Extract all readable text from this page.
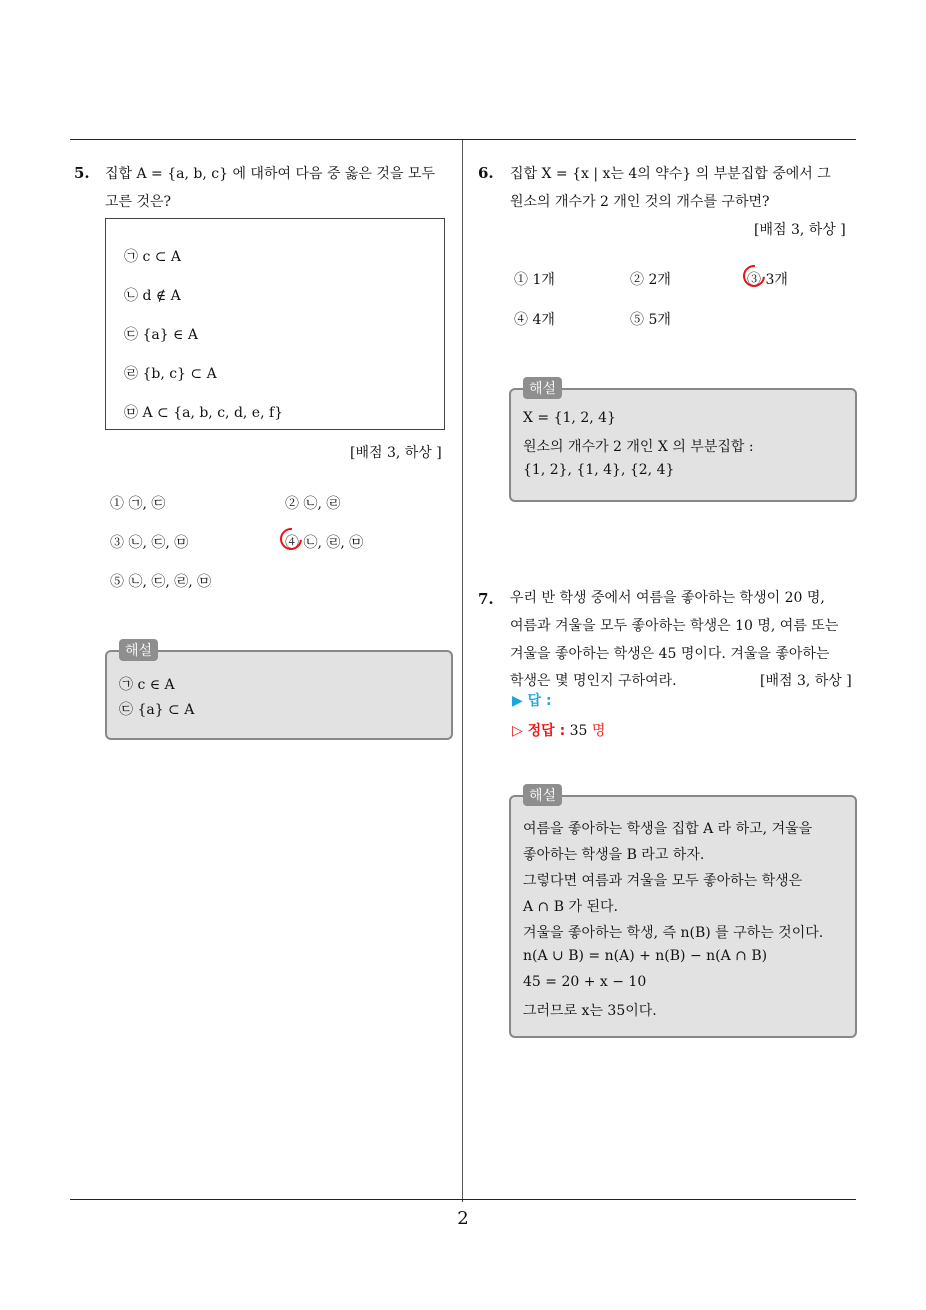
5. 집합 A = {a, b, c} 에 대하여 다음 중 옳은 것을 모두
고른 것은?
㉠ c ⊂ A
㉡ d ∉ A
㉢ {a} ∈ A
㉣ {b, c} ⊂ A
㉤ A ⊂ {a, b, c, d, e, f}
[배점 3, 하상 ]
① ㉠, ㉢	② ㉡, ㉣
③ ㉡, ㉢, ㉤	④ ㉡, ㉣, ㉤
⑤ ㉡, ㉢, ㉣, ㉤
해설
㉠ c ∈ A
㉢ {a} ⊂ A
6. 집합 X = {x | x는 4의 약수} 의 부분집합 중에서 그
원소의 개수가 2 개인 것의 개수를 구하면?
[배점 3, 하상 ]
① 1개	② 2개	③ 3개
④ 4개	⑤ 5개
해설
X = {1, 2, 4}
원소의 개수가 2 개인 X 의 부분집합 :
{1, 2}, {1, 4}, {2, 4}
7. 우리 반 학생 중에서 여름을 좋아하는 학생이 20 명,
여름과 겨울을 모두 좋아하는 학생은 10 명, 여름 또는
겨울을 좋아하는 학생은 45 명이다. 겨울을 좋아하는
학생은 몇 명인지 구하여라.	[배점 3, 하상 ]
▶ 답 :
▷ 정답 : 35 명
해설
여름을 좋아하는 학생을 집합 A 라 하고, 겨울을
좋아하는 학생을 B 라고 하자.
그렇다면 여름과 겨울을 모두 좋아하는 학생은
A ∩ B 가 된다.
겨울을 좋아하는 학생, 즉 n(B) 를 구하는 것이다.
n(A ∪ B) = n(A) + n(B) − n(A ∩ B)
45 = 20 + x − 10
그러므로 x는 35이다.
2
